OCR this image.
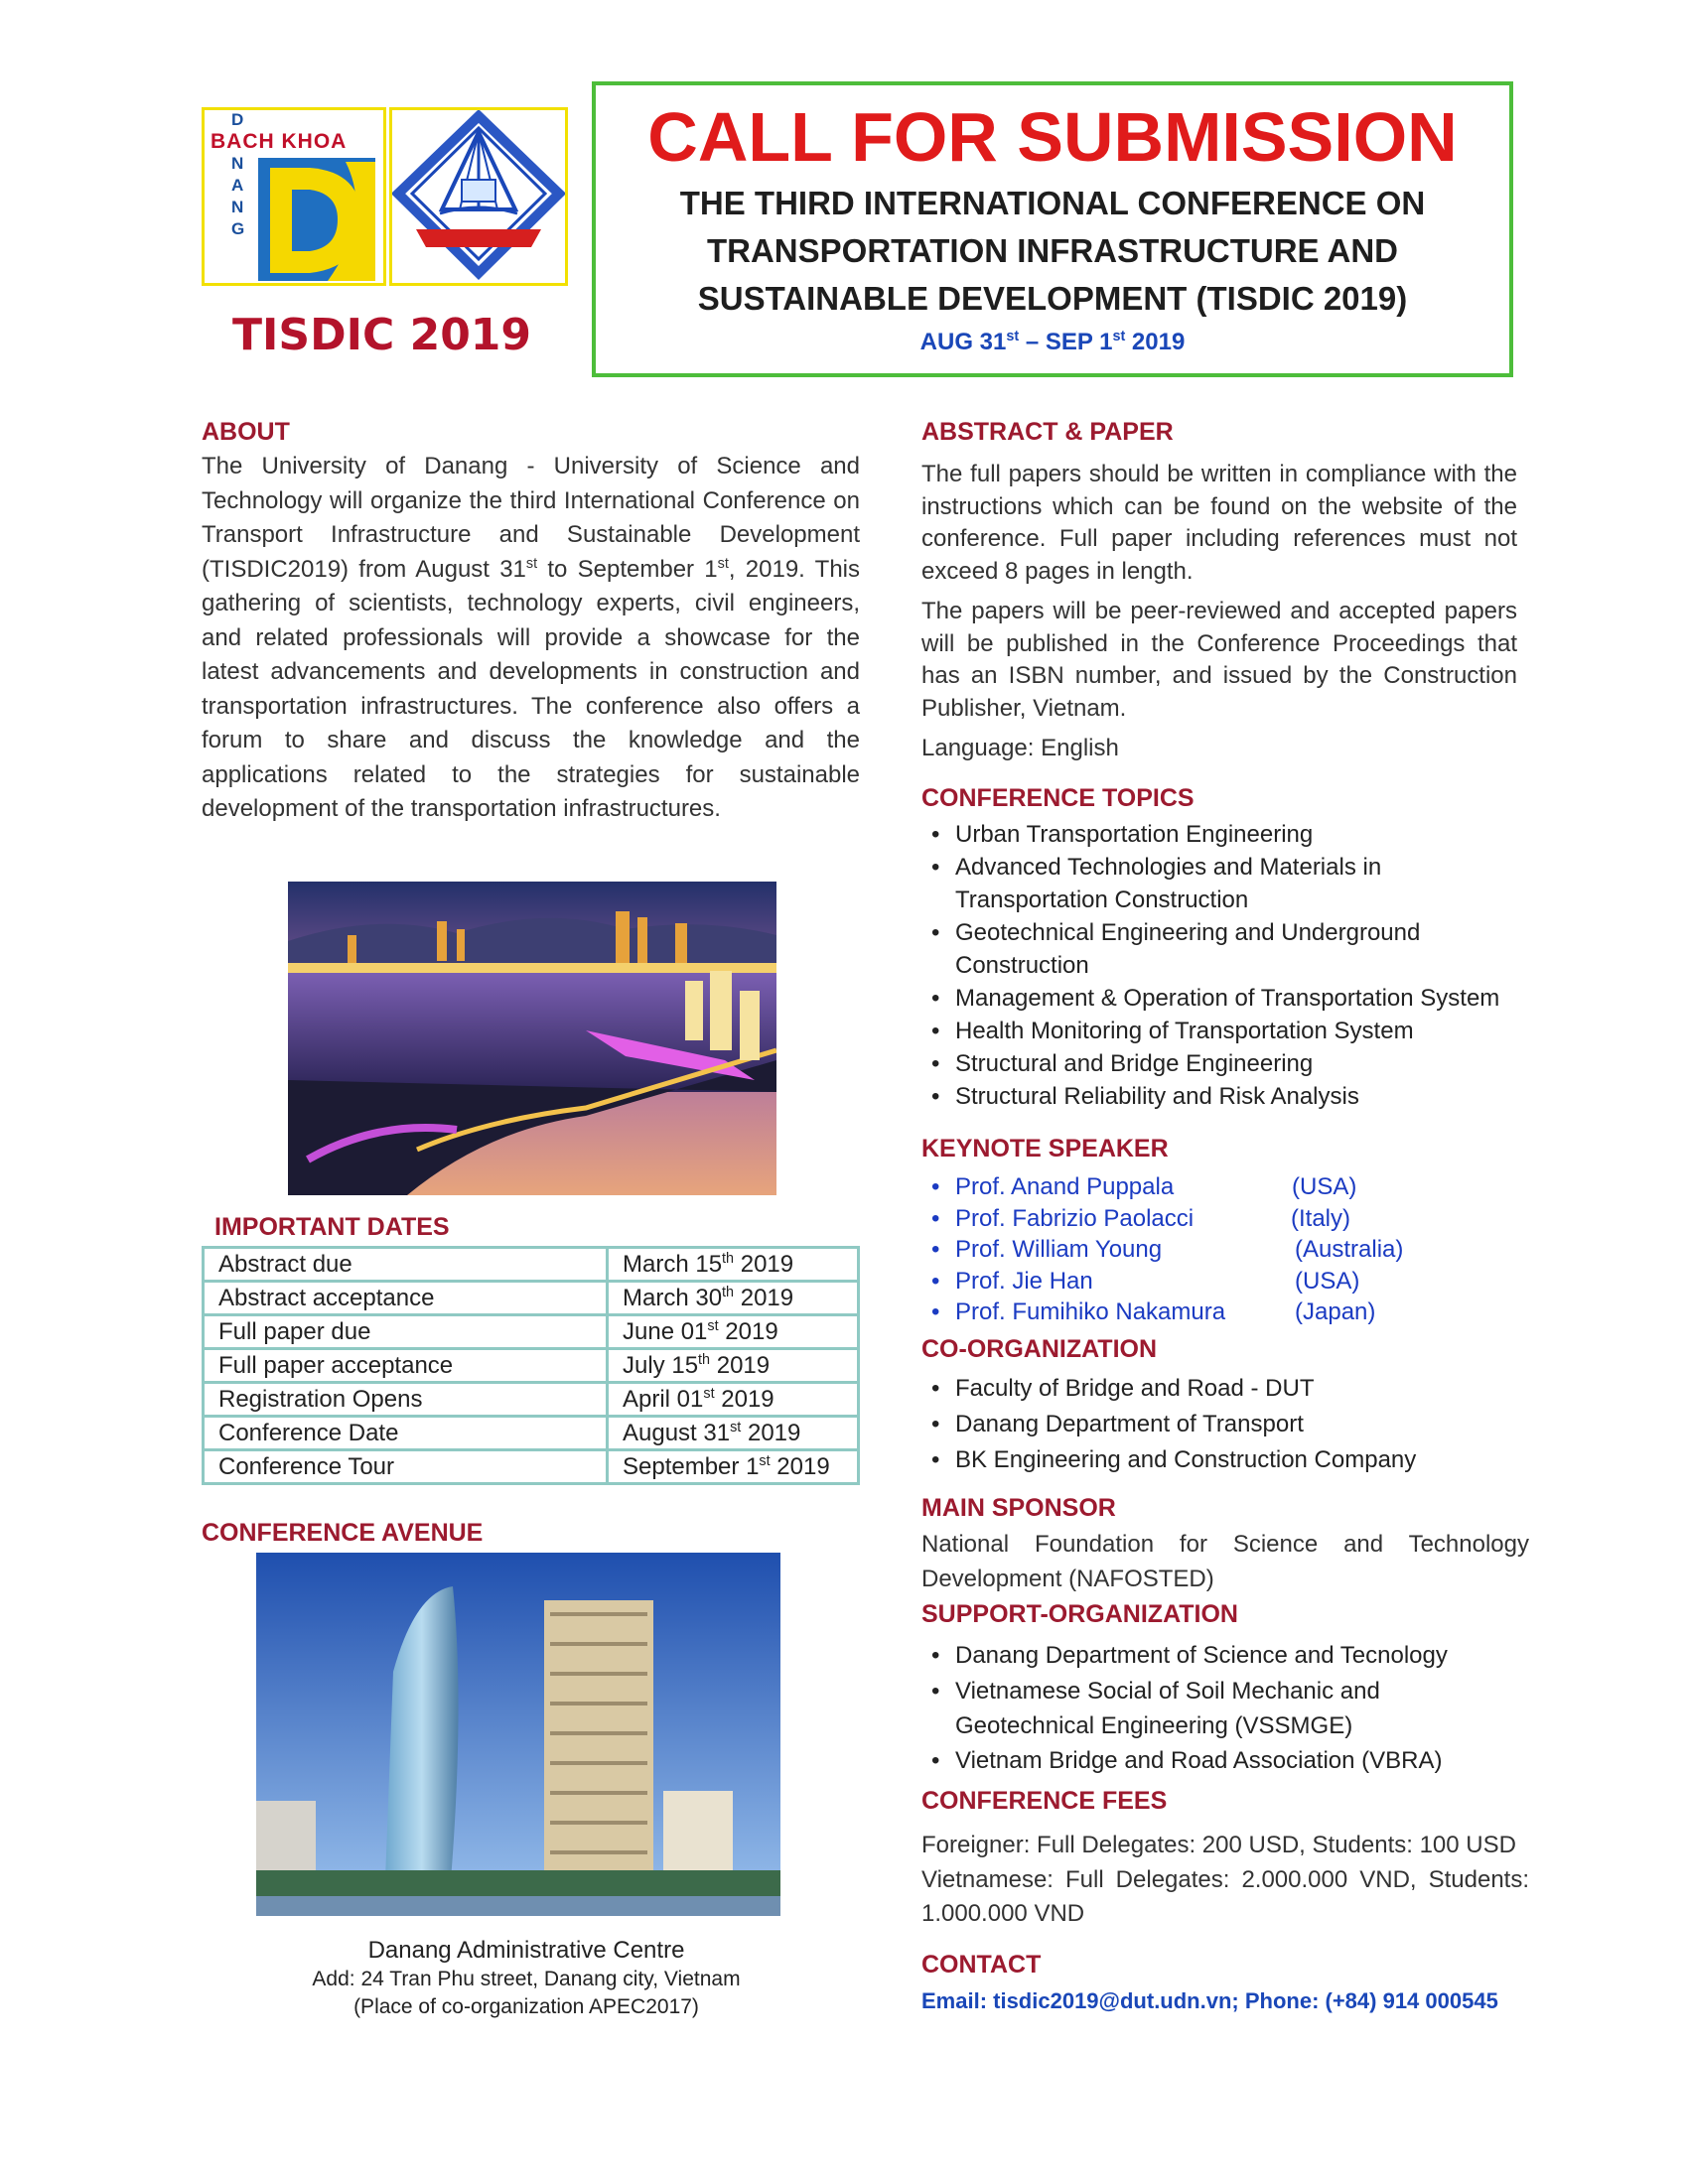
BACH KHOA
D
N
A
N
G
TISDIC 2019
CALL FOR SUBMISSION
THE THIRD INTERNATIONAL CONFERENCE ON
TRANSPORTATION INFRASTRUCTURE AND
SUSTAINABLE DEVELOPMENT (TISDIC 2019)
AUG 31st – SEP 1st 2019
ABOUT

The University of Danang - University of Science and Technology will organize the third International Conference on Transport Infrastructure and Sustainable Development (TISDIC2019) from August 31st to September 1st, 2019. This gathering of scientists, technology experts, civil engineers, and related professionals will provide a showcase for the latest advancements and developments in construction and transportation infrastructures. The conference also offers a forum to share and discuss the knowledge and the applications related to the strategies for sustainable development of the transportation infrastructures.

IMPORTANT DATES
Abstract due	March 15th 2019
Abstract acceptance	March 30th 2019
Full paper due	June 01st 2019
Full paper acceptance	July 15th 2019
Registration Opens	April 01st 2019
Conference Date	August 31st 2019
Conference Tour	September 1st 2019
CONFERENCE AVENUE
Danang Administrative Centre
Add: 24 Tran Phu street, Danang city, Vietnam
(Place of co-organization APEC2017)
ABSTRACT & PAPER

The full papers should be written in compliance with the instructions which can be found on the website of the conference. Full paper including references must not exceed 8 pages in length.

The papers will be peer-reviewed and accepted papers will be published in the Conference Proceedings that has an ISBN number, and issued by the Construction Publisher, Vietnam.

Language: English

CONFERENCE TOPICS
• Urban Transportation Engineering
• Advanced Technologies and Materials in Transportation Construction
• Geotechnical Engineering and Underground Construction
• Management & Operation of Transportation System
• Health Monitoring of Transportation System
• Structural and Bridge Engineering
• Structural Reliability and Risk Analysis
KEYNOTE SPEAKER
• Prof. Anand Puppala	(USA)
• Prof. Fabrizio Paolacci	(Italy)
• Prof. William Young	(Australia)
• Prof. Jie Han	(USA)
• Prof. Fumihiko Nakamura	(Japan)
CO-ORGANIZATION
• Faculty of Bridge and Road - DUT
• Danang Department of Transport
• BK Engineering and Construction Company
MAIN SPONSOR
National Foundation for Science and Technology Development (NAFOSTED)
SUPPORT-ORGANIZATION
• Danang Department of Science and Tecnology
• Vietnamese Social of Soil Mechanic and Geotechnical Engineering (VSSMGE)
• Vietnam Bridge and Road Association (VBRA)
CONFERENCE FEES

Foreigner: Full Delegates: 200 USD, Students: 100 USD

Vietnamese: Full Delegates: 2.000.000 VND, Students: 1.000.000 VND

CONTACT
Email: tisdic2019@dut.udn.vn; Phone: (+84) 914 000545
